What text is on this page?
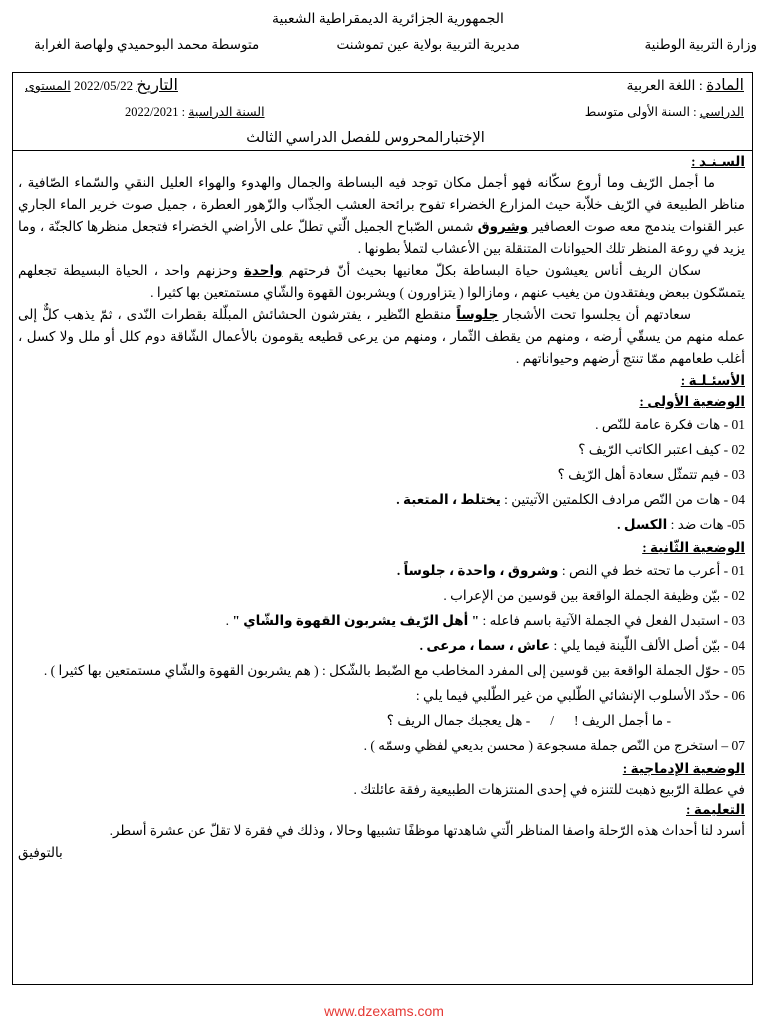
الجمهورية الجزائرية الديمقراطية الشعبية
وزارة التربية الوطنية
مديرية التربية بولاية عين تموشنت
متوسطة محمد البوحميدي ولهاصة الغرابة
المادة : اللغة العربية
التاريخ 2022/05/22 المستوى
الدراسي : السنة الأولى متوسط
السنة الدراسية : 2022/2021
الإختبارالمحروس للفصل الدراسي الثالث
السـنـد :
ما أجمل الرّيف وما أروع سكّانه فهو أجمل مكان توجد فيه البساطة والجمال والهدوء والهواء العليل النقي والسّماء الصّافية ، مناظر الطبيعة في الرّيف خلاّبة حيث المزارع الخضراء تفوح برائحة العشب الجذّاب والزّهور العطرة ، جميل صوت خرير الماء الجاري عبر القنوات يندمج معه صوت العصافير وشروق شمس الصّباح الجميل الّتي تطلّ على الأراضي الخضراء فتجعل منظرها كالجنّة ، وما يزيد في روعة المنظر تلك الحيوانات المتنقلة بين الأعشاب لتملأ بطونها .
سكان الريف أناس يعيشون حياة البساطة بكلّ معانيها بحيث أنّ فرحتهم واحدة وحزنهم واحد ، الحياة البسيطة تجعلهم يتمسّكون ببعض ويفتقدون من يغيب عنهم ، ومازالوا ( يتزاورون ) ويشربون القهوة والشّاي مستمتعين بها كثيرا .
سعادتهم أن يجلسوا تحت الأشجار جلوساً منقطع النّظير ، يفترشون الحشائش المبلّلة بقطرات النّدى ، ثمّ يذهب كلٌّ إلى عمله منهم من يسقّي أرضه ، ومنهم من يقطف الثّمار ، ومنهم من يرعى قطيعه يقومون بالأعمال الشّاقة دوم كلل أو ملل ولا كسل ، أغلب طعامهم ممّا تنتج أرضهم وحيواناتهم .
الأسئـلـة :
الوضعية الأولى :
01 - هات فكرة عامة للنّص .
02 - كيف اعتبر الكاتب الرّيف ؟
03 - فيم تتمثّل سعادة أهل الرّيف ؟
04 - هات من النّص مرادف الكلمتين الآتيتين : يختلط ، المتعبة .
05- هات ضد : الكسل .
الوضعية الثّانية :
01 - أعرب ما تحته خط في النص : وشروق ، واحدة ، جلوساً .
02 - بيّن وظيفة الجملة الواقعة بين قوسين من الإعراب .
03 - استبدل الفعل في الجملة الآتية باسم فاعله : " أهل الرّيف يشربون القهوة والشّاي " .
04 - بيّن أصل الألف اللّينة فيما يلي : عاش ، سما ، مرعى .
05 - حوّل الجملة الواقعة بين قوسين إلى المفرد المخاطب مع الضّبط بالشّكل : ( هم يشربون القهوة والشّاي مستمتعين بها كثيرا ) .
06 - حدّد الأسلوب الإنشائي الطّلبي من غير الطّلبي فيما يلي :
- ما أجمل الريف !/- هل يعجبك جمال الريف ؟
07 – استخرج من النّص جملة مسجوعة ( محسن بديعي لفظي وسمّه ) .
الوضعية الإدماجية :
في عطلة الرّبيع ذهبت للتنزه في إحدى المنتزهات الطبيعية رفقة عائلتك .
التعليمة :
أسرد لنا أحداث هذه الرّحلة واصفا المناظر الّتي شاهدتها موظفًا تشبيها وحالا ، وذلك في فقرة لا تقلّ عن عشرة أسطر.
بالتوفيق
www.dzexams.com
